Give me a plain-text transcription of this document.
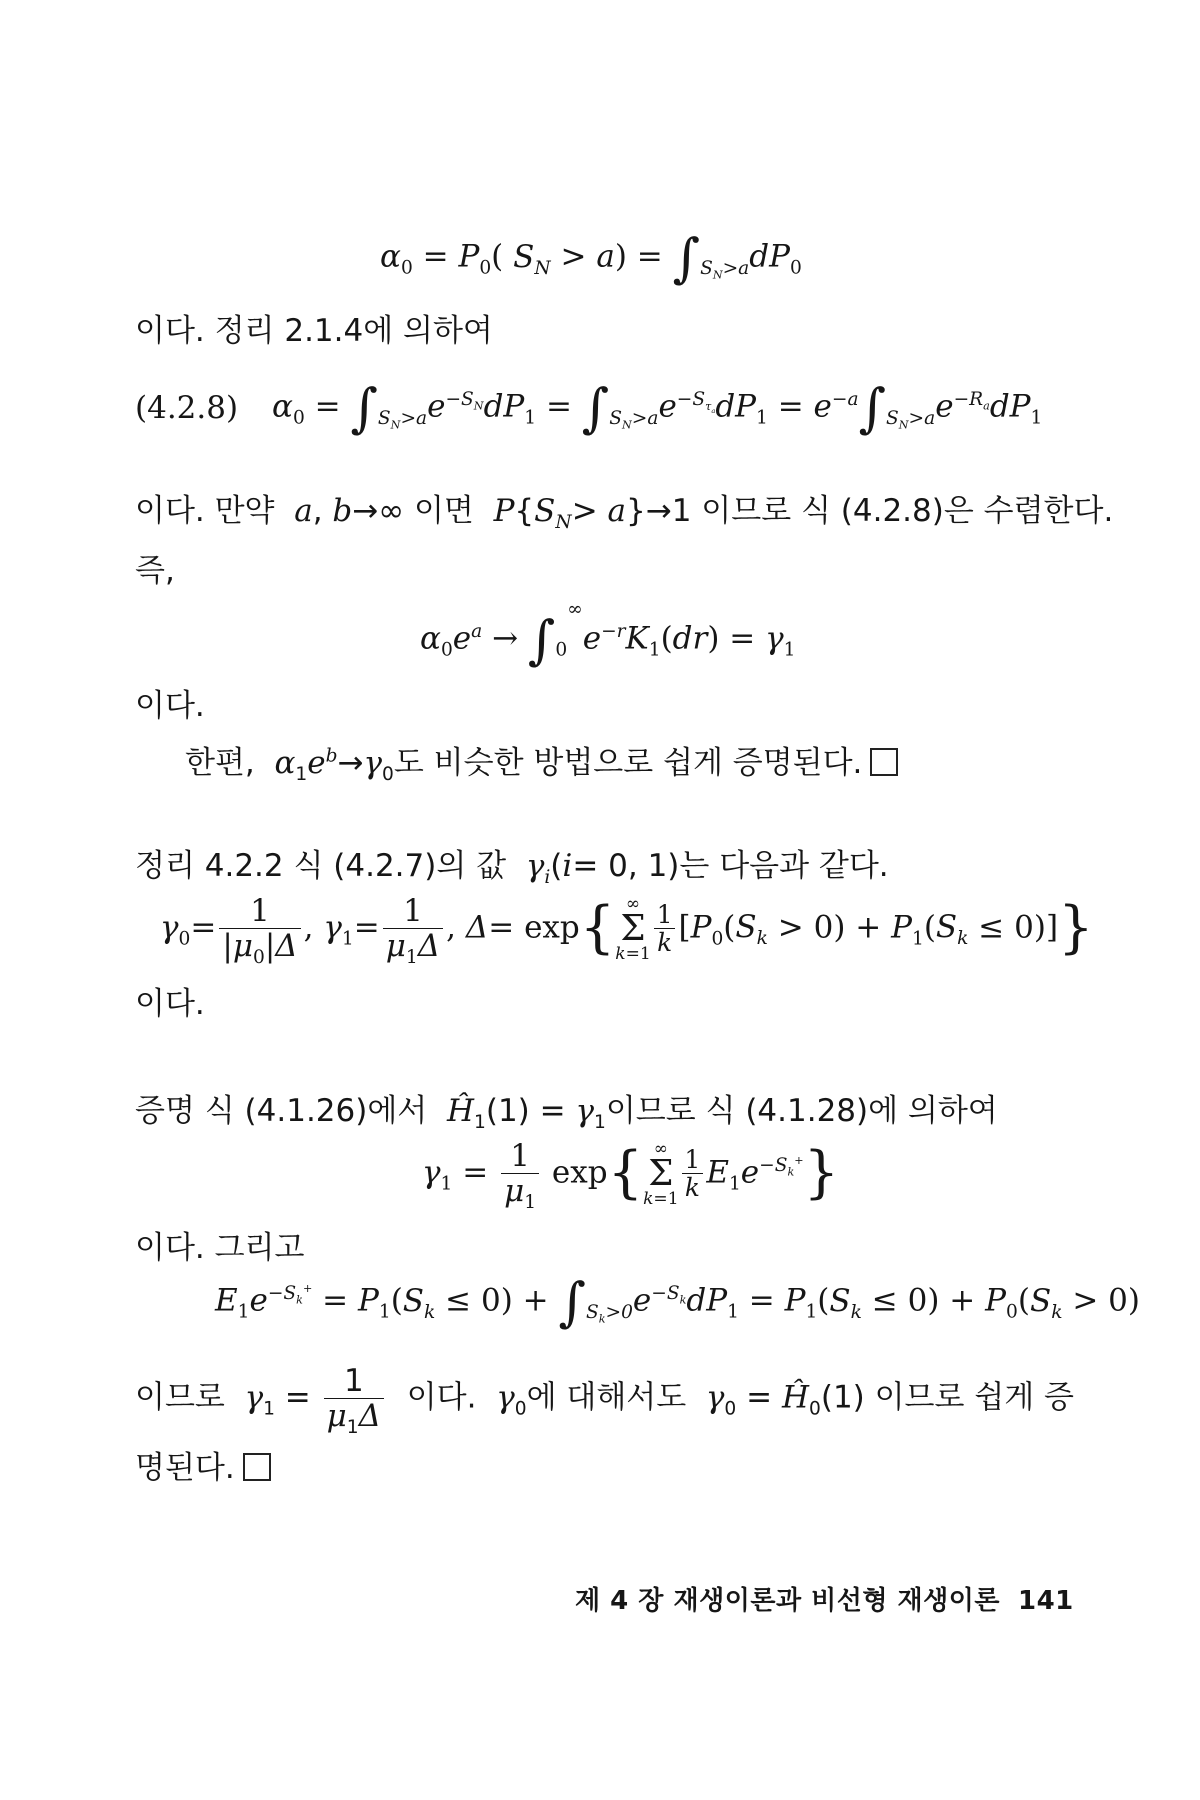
$\alpha_0 = P_0$( $S_N > a) = \int_{S_N>a}dP_0$
이다. 정리 2.1.4에 의하여
(4.2.8) $\alpha_0 = \int_{S_N>a}e^{-S_N}dP_1 = \int_{S_N>a}e^{-S_{\tau_a}}dP_1 = e^{-a}\int_{S_N>a}e^{-R_a}dP_1$
이다. 만약 a, b→∞ 이면 $P\{S_N> a\}\to 1$ 이므로 식 (4.2.8)은 수렴한다.
즉,
$\alpha_0e^a \to \int_0^\infty e^{-r}K_1(dr) = \gamma_1$
이다.
한편, $\alpha_1e^b\to\gamma_0$도 비슷한 방법으로 쉽게 증명된다.
정리 4.2.2 식 (4.2.7)의 값 $\gamma_i(i= 0$, 1)는 다음과 같다.
$\gamma_0= \frac{1}{|\mu_0|\Delta}$ , $\gamma_1= \frac{1}{\mu_1\Delta}$ , Δ= exp{ ∞
Σ
$k=1 \frac{1}{k} [P_0(S_k > 0) + P_1(S_k \le 0)]$}
이다.
증명 식 (4.1.26)에서 $Ĥ_1(1) = \gamma_1$이므로 식 (4.1.28)에 의하여
$\gamma_1 = \frac{1}{\mu_1} \exp${ ∞
Σ
$k=1 \frac{1}{k} E_1e^{-S_k^+}$}
이다. 그리고
$E_1e^{-S_k^+} = P_1(S_k \le 0) + \int_{S_k>0}e^{-S_k}dP_1 = P_1(S_k \le 0) + P_0(S_k > 0)$
이므로 $\gamma_1 = \frac{1}{\mu_1\Delta}$ 이다. $\gamma_0$에 대해서도 $\gamma_0$ = $Ĥ_0(1)$ 이므로 쉽게 증
명된다.
제 4 장 재생이론과 비선형 재생이론 141
